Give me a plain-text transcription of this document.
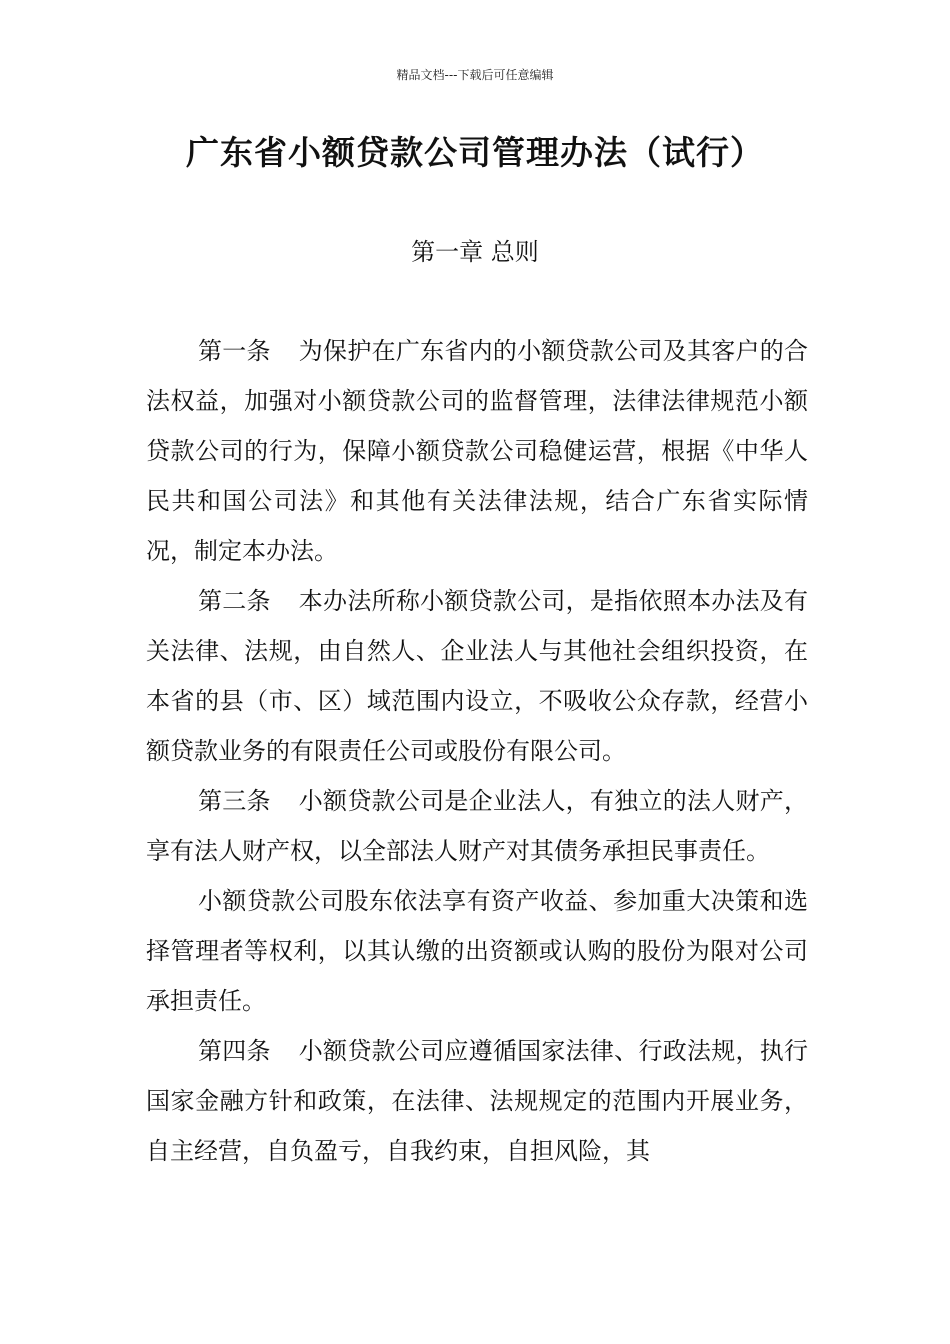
精品文档---下载后可任意编辑
广东省小额贷款公司管理办法（试行）
第一章 总则

第一条 为保护在广东省内的小额贷款公司及其客户的合法权益，加强对小额贷款公司的监督管理，法律法律规范小额贷款公司的行为，保障小额贷款公司稳健运营，根据《中华人民共和国公司法》和其他有关法律法规，结合广东省实际情况，制定本办法。

第二条 本办法所称小额贷款公司，是指依照本办法及有关法律、法规，由自然人、企业法人与其他社会组织投资，在本省的县（市、区）域范围内设立，不吸收公众存款，经营小额贷款业务的有限责任公司或股份有限公司。

第三条 小额贷款公司是企业法人，有独立的法人财产，享有法人财产权，以全部法人财产对其债务承担民事责任。

小额贷款公司股东依法享有资产收益、参加重大决策和选择管理者等权利，以其认缴的出资额或认购的股份为限对公司承担责任。

第四条 小额贷款公司应遵循国家法律、行政法规，执行国家金融方针和政策，在法律、法规规定的范围内开展业务，自主经营，自负盈亏，自我约束，自担风险，其
